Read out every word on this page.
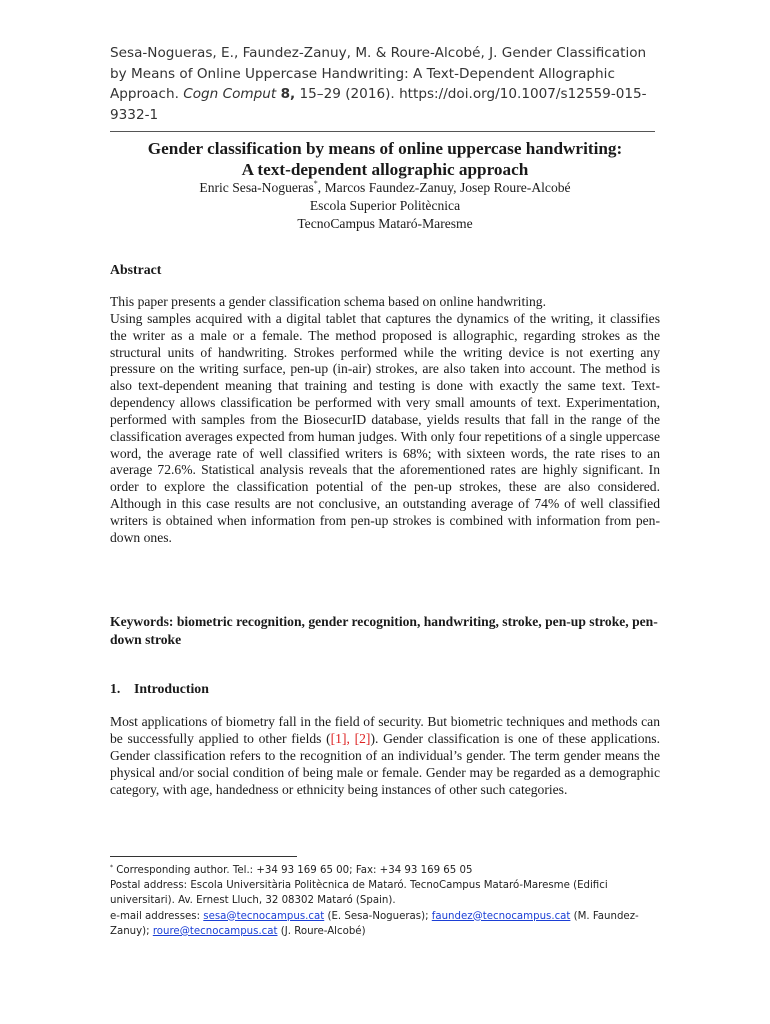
Sesa-Nogueras, E., Faundez-Zanuy, M. & Roure-Alcobé, J. Gender Classification by Means of Online Uppercase Handwriting: A Text-Dependent Allographic Approach. Cogn Comput 8, 15–29 (2016). https://doi.org/10.1007/s12559-015-9332-1
Gender classification by means of online uppercase handwriting:
A text-dependent allographic approach
Enric Sesa-Nogueras*, Marcos Faundez-Zanuy, Josep Roure-Alcobé
Escola Superior Politècnica
TecnoCampus Mataró-Maresme
Abstract

This paper presents a gender classification schema based on online handwriting.

Using samples acquired with a digital tablet that captures the dynamics of the writing, it classifies the writer as a male or a female. The method proposed is allographic, regarding strokes as the structural units of handwriting. Strokes performed while the writing device is not exerting any pressure on the writing surface, pen-up (in-air) strokes, are also taken into account. The method is also text-dependent meaning that training and testing is done with exactly the same text. Text-dependency allows classification be performed with very small amounts of text. Experimentation, performed with samples from the BiosecurID database, yields results that fall in the range of the classification averages expected from human judges. With only four repetitions of a single uppercase word, the average rate of well classified writers is 68%; with sixteen words, the rate rises to an average 72.6%. Statistical analysis reveals that the aforementioned rates are highly significant. In order to explore the classification potential of the pen-up strokes, these are also considered. Although in this case results are not conclusive, an outstanding average of 74% of well classified writers is obtained when information from pen-up strokes is combined with information from pen-down ones.

Keywords: biometric recognition, gender recognition, handwriting, stroke, pen-up stroke, pen-down stroke
1. Introduction
Most applications of biometry fall in the field of security. But biometric techniques and methods can be successfully applied to other fields ([1], [2]). Gender classification is one of these applications. Gender classification refers to the recognition of an individual’s gender. The term gender means the physical and/or social condition of being male or female. Gender may be regarded as a demographic category, with age, handedness or ethnicity being instances of other such categories.
* Corresponding author. Tel.: +34 93 169 65 00; Fax: +34 93 169 65 05
Postal address: Escola Universitària Politècnica de Mataró. TecnoCampus Mataró-Maresme (Edifici universitari). Av. Ernest Lluch, 32 08302 Mataró (Spain).
e-mail addresses: sesa@tecnocampus.cat (E. Sesa-Nogueras); faundez@tecnocampus.cat (M. Faundez-Zanuy); roure@tecnocampus.cat (J. Roure-Alcobé)
